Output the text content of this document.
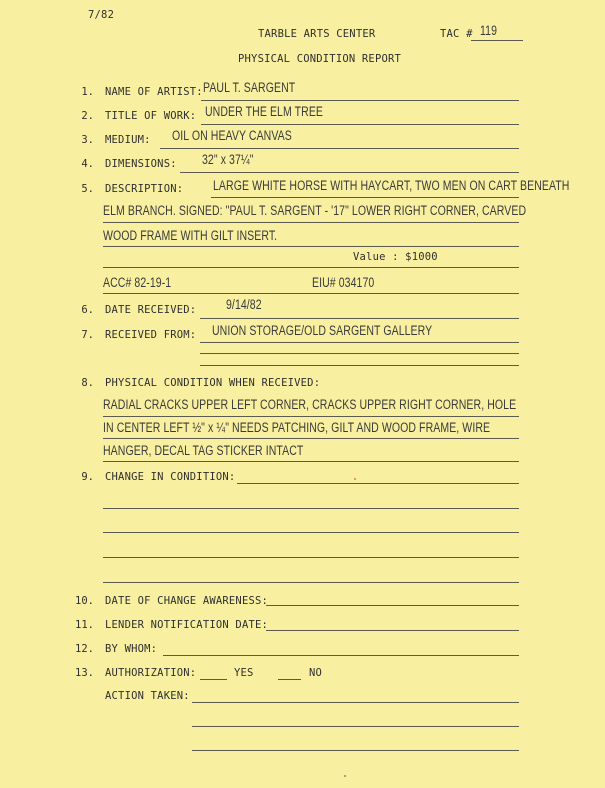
7/82
TARBLE ARTS CENTER	TAC # 119
PHYSICAL CONDITION REPORT
1. NAME OF ARTIST: PAUL T. SARGENT
2. TITLE OF WORK: UNDER THE ELM TREE
3. MEDIUM: OIL ON HEAVY CANVAS
4. DIMENSIONS: 32" x 37¼"
5. DESCRIPTION: LARGE WHITE HORSE WITH HAYCART, TWO MEN ON CART BENEATH
ELM BRANCH. SIGNED: "PAUL T. SARGENT - '17" LOWER RIGHT CORNER, CARVED
WOOD FRAME WITH GILT INSERT.
Value : $1000
ACC# 82-19-1	EIU# 034170
6. DATE RECEIVED: 9/14/82
7. RECEIVED FROM: UNION STORAGE/OLD SARGENT GALLERY
8. PHYSICAL CONDITION WHEN RECEIVED:
RADIAL CRACKS UPPER LEFT CORNER, CRACKS UPPER RIGHT CORNER, HOLE
IN CENTER LEFT ½" x ¼" NEEDS PATCHING, GILT AND WOOD FRAME, WIRE
HANGER, DECAL TAG STICKER INTACT
9. CHANGE IN CONDITION:
10. DATE OF CHANGE AWARENESS:
11. LENDER NOTIFICATION DATE:
12. BY WHOM:
13. AUTHORIZATION:	YES	NO
ACTION TAKEN:
